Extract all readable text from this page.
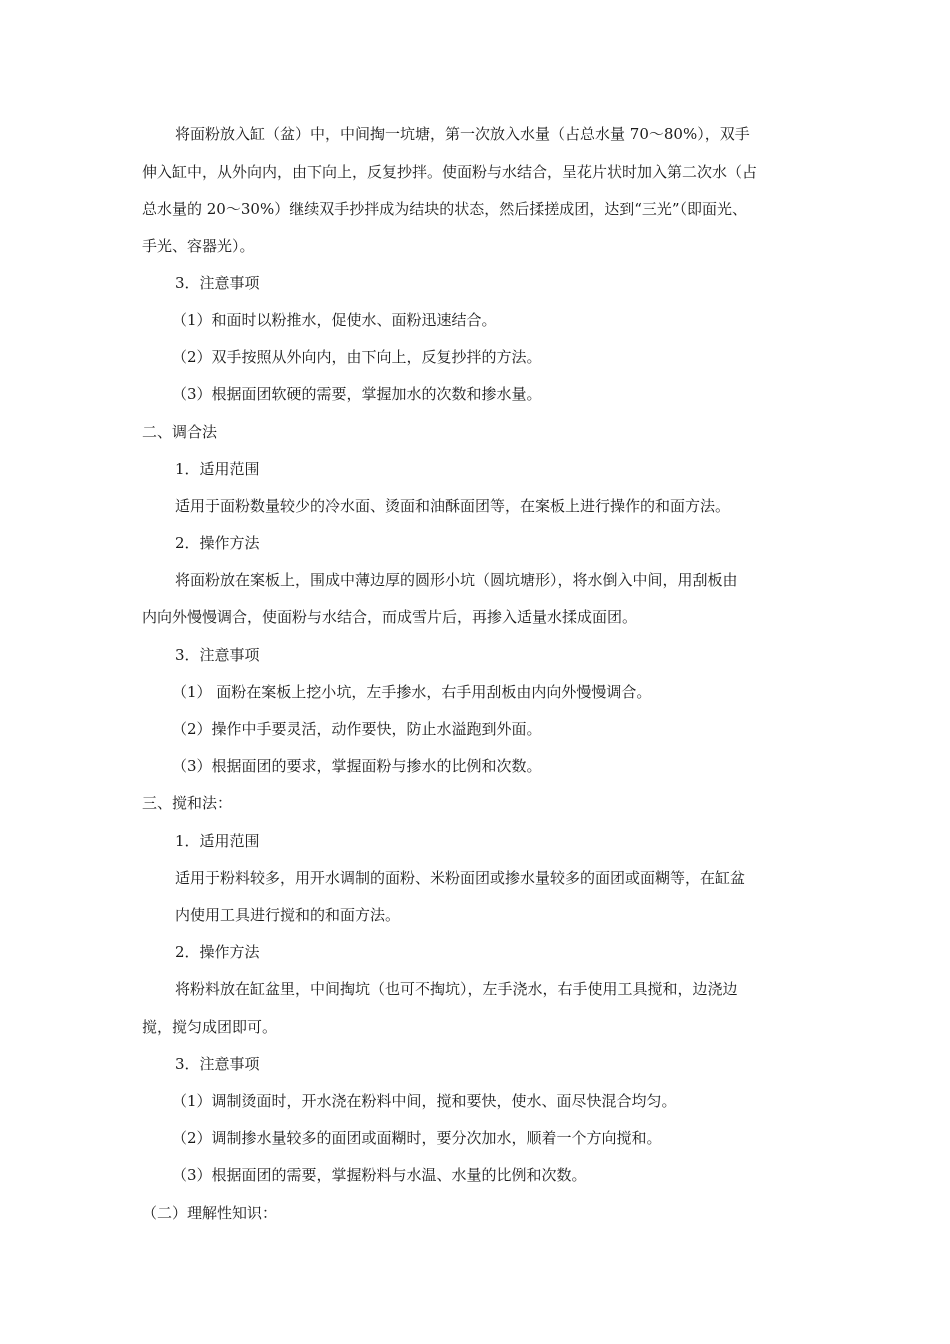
将面粉放入缸（盆）中，中间掏一坑塘，第一次放入水量（占总水量 70～80%），双手
伸入缸中，从外向内，由下向上，反复抄拌。使面粉与水结合，呈花片状时加入第二次水（占
总水量的 20～30%）继续双手抄拌成为结块的状态，然后揉搓成团，达到“三光”（即面光、
手光、容器光）。
3．注意事项
（1）和面时以粉推水，促使水、面粉迅速结合。
（2）双手按照从外向内，由下向上，反复抄拌的方法。
（3）根据面团软硬的需要，掌握加水的次数和掺水量。
二、调合法
1．适用范围
适用于面粉数量较少的冷水面、烫面和油酥面团等，在案板上进行操作的和面方法。
2．操作方法
将面粉放在案板上，围成中薄边厚的圆形小坑（圆坑塘形），将水倒入中间，用刮板由
内向外慢慢调合，使面粉与水结合，而成雪片后，再掺入适量水揉成面团。
3．注意事项
（1） 面粉在案板上挖小坑，左手掺水，右手用刮板由内向外慢慢调合。
（2）操作中手要灵活，动作要快，防止水溢跑到外面。
（3）根据面团的要求，掌握面粉与掺水的比例和次数。
三、搅和法：
1．适用范围
适用于粉料较多，用开水调制的面粉、米粉面团或掺水量较多的面团或面糊等，在缸盆
内使用工具进行搅和的和面方法。
2．操作方法
将粉料放在缸盆里，中间掏坑（也可不掏坑），左手浇水，右手使用工具搅和，边浇边
搅，搅匀成团即可。
3．注意事项
（1）调制烫面时，开水浇在粉料中间，搅和要快，使水、面尽快混合均匀。
（2）调制掺水量较多的面团或面糊时，要分次加水，顺着一个方向搅和。
（3）根据面团的需要，掌握粉料与水温、水量的比例和次数。
（二）理解性知识：
